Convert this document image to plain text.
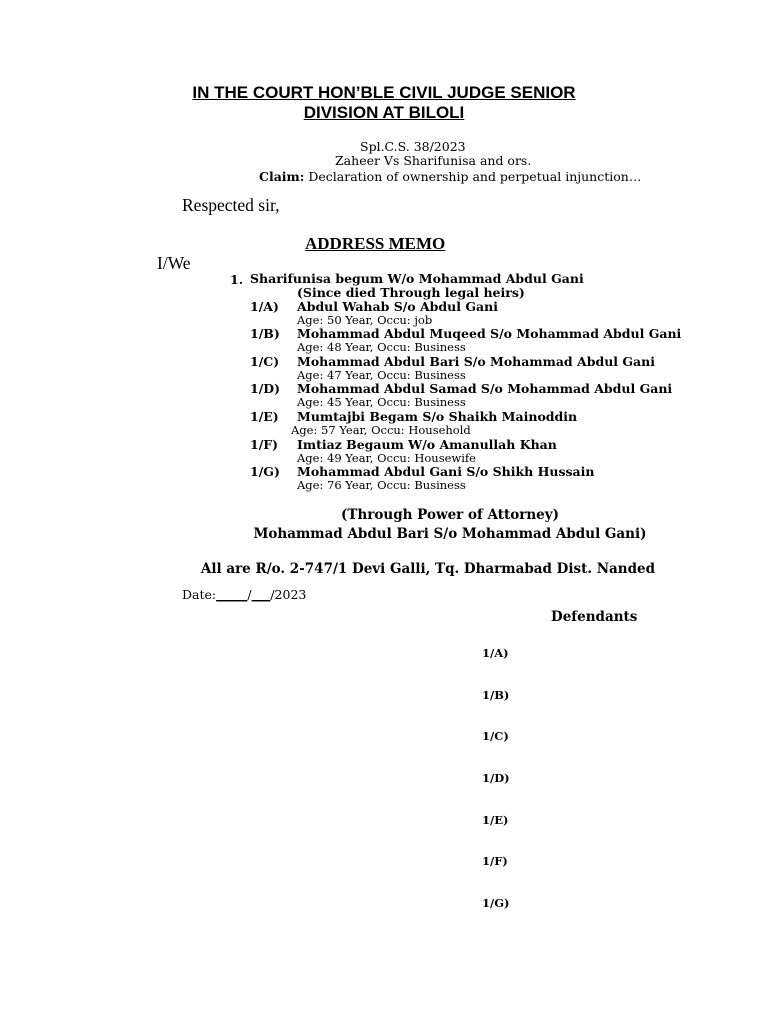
IN THE COURT HON’BLE CIVIL JUDGE SENIOR
DIVISION AT BILOLI
Spl.C.S. 38/2023
Zaheer Vs Sharifunisa and ors.
Claim: Declaration of ownership and perpetual injunction…
Respected sir,
ADDRESS MEMO
I/We
1. Sharifunisa begum W/o Mohammad Abdul Gani
(Since died Through legal heirs)
1/A) Abdul Wahab S/o Abdul Gani
Age: 50 Year, Occu: job
1/B) Mohammad Abdul Muqeed S/o Mohammad Abdul Gani
Age: 48 Year, Occu: Business
1/C) Mohammad Abdul Bari S/o Mohammad Abdul Gani
Age: 47 Year, Occu: Business
1/D) Mohammad Abdul Samad S/o Mohammad Abdul Gani
Age: 45 Year, Occu: Business
1/E) Mumtajbi Begam S/o Shaikh Mainoddin
Age: 57 Year, Occu: Household
1/F) Imtiaz Begaum W/o Amanullah Khan
Age: 49 Year, Occu: Housewife
1/G) Mohammad Abdul Gani S/o Shikh Hussain
Age: 76 Year, Occu: Business
(Through Power of Attorney)
Mohammad Abdul Bari S/o Mohammad Abdul Gani)
All are R/o. 2-747/1 Devi Galli, Tq. Dharmabad Dist. Nanded
Date:_____/___/2023
Defendants
1/A)
1/B)
1/C)
1/D)
1/E)
1/F)
1/G)
